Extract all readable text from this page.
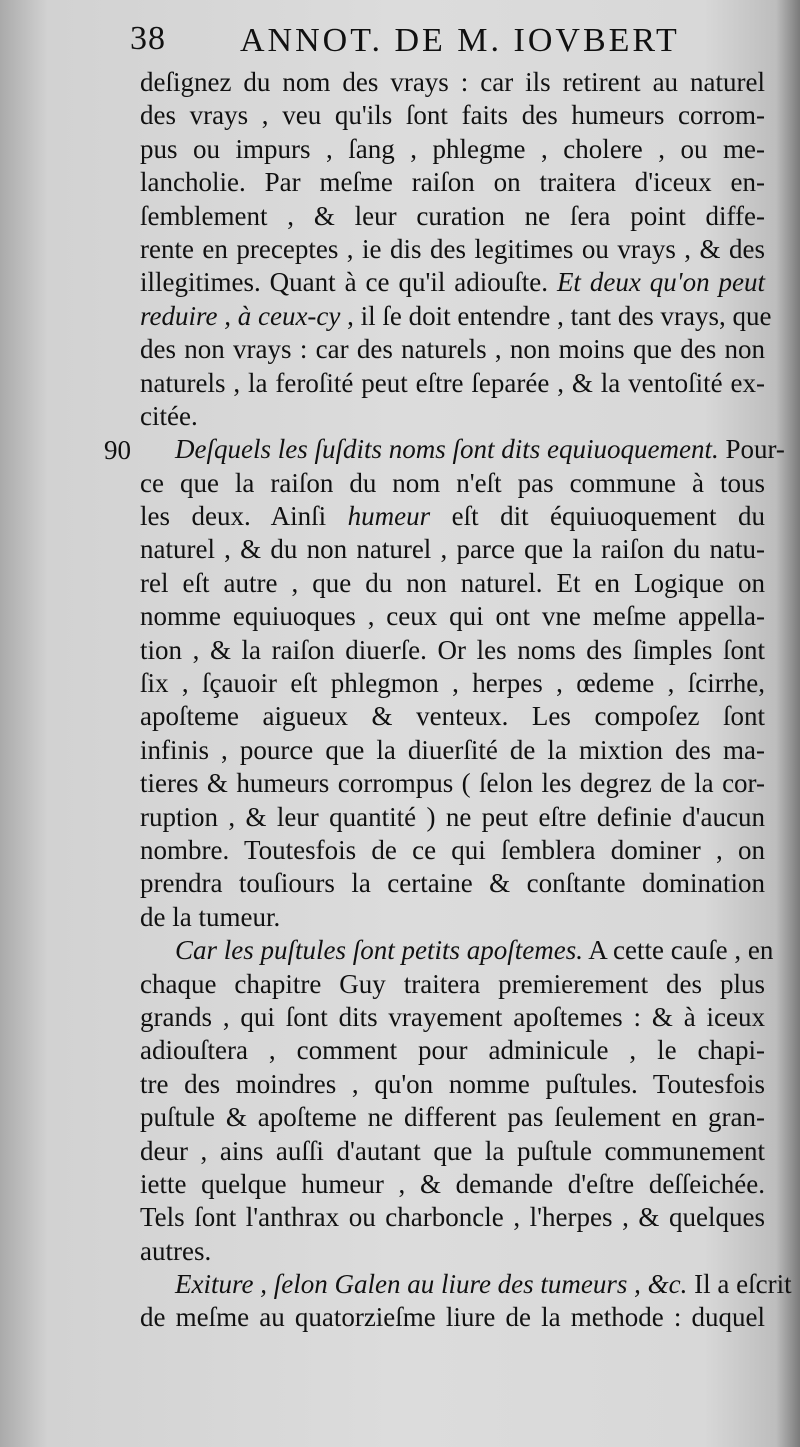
38 ANNOT. DE M. IOVBERT
90
deſignez du nom des vrays : car ils retirent au naturel
des vrays , veu qu'ils ſont faits des humeurs corrom-
pus ou impurs , ſang , phlegme , cholere , ou me-
lancholie. Par meſme raiſon on traitera d'iceux en-
ſemblement , & leur curation ne ſera point diffe-
rente en preceptes , ie dis des legitimes ou vrays , & des
illegitimes. Quant à ce qu'il adiouſte. Et deux qu'on peut
reduire , à ceux-cy , il ſe doit entendre , tant des vrays, que
des non vrays : car des naturels , non moins que des non
naturels , la feroſité peut eſtre ſeparée , & la ventoſité ex-
citée.
Deſquels les ſuſdits noms ſont dits equiuoquement. Pour-
ce que la raiſon du nom n'eſt pas commune à tous
les deux. Ainſi humeur eſt dit équiuoquement du
naturel , & du non naturel , parce que la raiſon du natu-
rel eſt autre , que du non naturel. Et en Logique on
nomme equiuoques , ceux qui ont vne meſme appella-
tion , & la raiſon diuerſe. Or les noms des ſimples ſont
ſix , ſçauoir eſt phlegmon , herpes , œdeme , ſcirrhe,
apoſteme aigueux & venteux. Les compoſez ſont
infinis , pource que la diuerſité de la mixtion des ma-
tieres & humeurs corrompus ( ſelon les degrez de la cor-
ruption , & leur quantité ) ne peut eſtre definie d'aucun
nombre. Toutesfois de ce qui ſemblera dominer , on
prendra touſiours la certaine & conſtante domination
de la tumeur.
Car les puſtules ſont petits apoſtemes. A cette cauſe , en
chaque chapitre Guy traitera premierement des plus
grands , qui ſont dits vrayement apoſtemes : & à iceux
adiouſtera , comment pour adminicule , le chapi-
tre des moindres , qu'on nomme puſtules. Toutesfois
puſtule & apoſteme ne different pas ſeulement en gran-
deur , ains auſſi d'autant que la puſtule communement
iette quelque humeur , & demande d'eſtre deſſeichée.
Tels ſont l'anthrax ou charboncle , l'herpes , & quelques
autres.
Exiture , ſelon Galen au liure des tumeurs , &c. Il a eſcrit
de meſme au quatorzieſme liure de la methode : duquel
